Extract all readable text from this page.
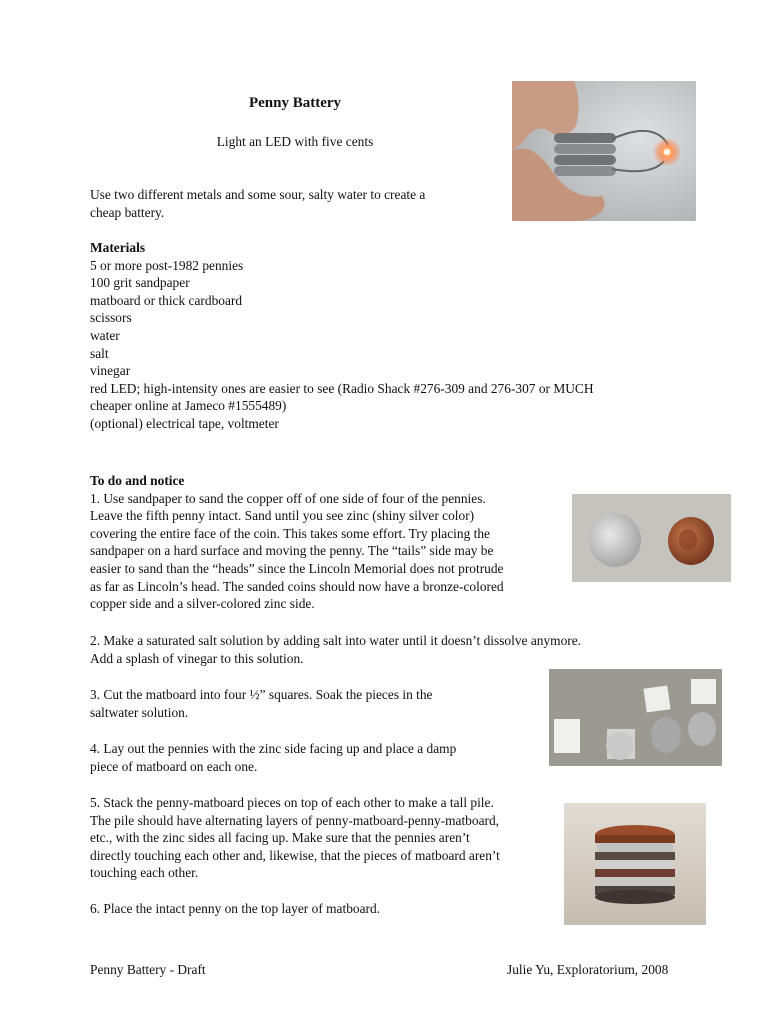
Penny Battery
Light an LED with five cents
Use two different metals and some sour, salty water to create a
cheap battery.
Materials
5 or more post-1982 pennies
100 grit sandpaper
matboard or thick cardboard
scissors
water
salt
vinegar
red LED; high-intensity ones are easier to see (Radio Shack #276-309 and 276-307 or MUCH
cheaper online at Jameco #1555489)
(optional) electrical tape, voltmeter
To do and notice
1. Use sandpaper to sand the copper off of one side of four of the pennies.
Leave the fifth penny intact. Sand until you see zinc (shiny silver color)
covering the entire face of the coin. This takes some effort. Try placing the
sandpaper on a hard surface and moving the penny. The “tails” side may be
easier to sand than the “heads” since the Lincoln Memorial does not protrude
as far as Lincoln’s head. The sanded coins should now have a bronze-colored
copper side and a silver-colored zinc side.
2. Make a saturated salt solution by adding salt into water until it doesn’t dissolve anymore.
Add a splash of vinegar to this solution.
3. Cut the matboard into four ½” squares. Soak the pieces in the
saltwater solution.
4. Lay out the pennies with the zinc side facing up and place a damp
piece of matboard on each one.
5. Stack the penny-matboard pieces on top of each other to make a tall pile.
The pile should have alternating layers of penny-matboard-penny-matboard,
etc., with the zinc sides all facing up. Make sure that the pennies aren’t
directly touching each other and, likewise, that the pieces of matboard aren’t
touching each other.
6. Place the intact penny on the top layer of matboard.
Penny Battery - Draft	Julie Yu, Exploratorium, 2008
